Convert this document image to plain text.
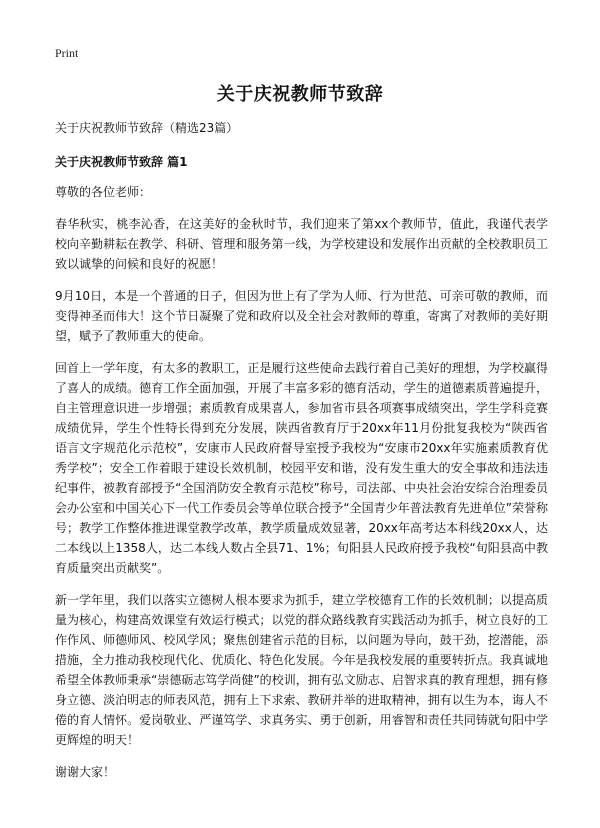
Print
关于庆祝教师节致辞

关于庆祝教师节致辞（精选23篇）

关于庆祝教师节致辞 篇1

尊敬的各位老师：

春华秋实，桃李沁香，在这美好的金秋时节，我们迎来了第xx个教师节，值此，我谨代表学校向辛勤耕耘在教学、科研、管理和服务第一线，为学校建设和发展作出贡献的全校教职员工致以诚挚的问候和良好的祝愿！

9月10日，本是一个普通的日子，但因为世上有了学为人师、行为世范、可亲可敬的教师，而变得神圣而伟大！这个节日凝聚了党和政府以及全社会对教师的尊重，寄寓了对教师的美好期望，赋予了教师重大的使命。

回首上一学年度，有太多的教职工，正是履行这些使命去践行着自己美好的理想，为学校赢得了喜人的成绩。德育工作全面加强，开展了丰富多彩的德育活动，学生的道德素质普遍提升，自主管理意识进一步增强；素质教育成果喜人，参加省市县各项赛事成绩突出，学生学科竞赛成绩优异，学生个性特长得到充分发展，陕西省教育厅于20xx年11月份批复我校为“陕西省语言文字规范化示范校”，安康市人民政府督导室授予我校为“安康市20xx年实施素质教育优秀学校”；安全工作着眼于建设长效机制，校园平安和谐，没有发生重大的安全事故和违法违纪事件，被教育部授予“全国消防安全教育示范校”称号，司法部、中央社会治安综合治理委员会办公室和中国关心下一代工作委员会等单位联合授予“全国青少年普法教育先进单位”荣誉称号；教学工作整体推进课堂教学改革，教学质量成效显著，20xx年高考达本科线20xx人，达二本线以上1358人，达二本线人数占全县71、1%；旬阳县人民政府授予我校“旬阳县高中教育质量突出贡献奖”。

新一学年里，我们以落实立德树人根本要求为抓手，建立学校德育工作的长效机制；以提高质量为核心，构建高效课堂有效运行模式；以党的群众路线教育实践活动为抓手，树立良好的工作作风、师德师风、校风学风；聚焦创建省示范的目标，以问题为导向，鼓干劲，挖潜能，添措施，全力推动我校现代化、优质化、特色化发展。今年是我校发展的重要转折点。我真诚地希望全体教师秉承“崇德砺志笃学尚健”的校训，拥有弘文励志、启智求真的教育理想，拥有修身立德、淡泊明志的师表风范，拥有上下求索、教研并举的进取精神，拥有以生为本，诲人不倦的育人情怀。爱岗敬业、严谨笃学、求真务实、勇于创新，用睿智和责任共同铸就旬阳中学更辉煌的明天！

谢谢大家！
